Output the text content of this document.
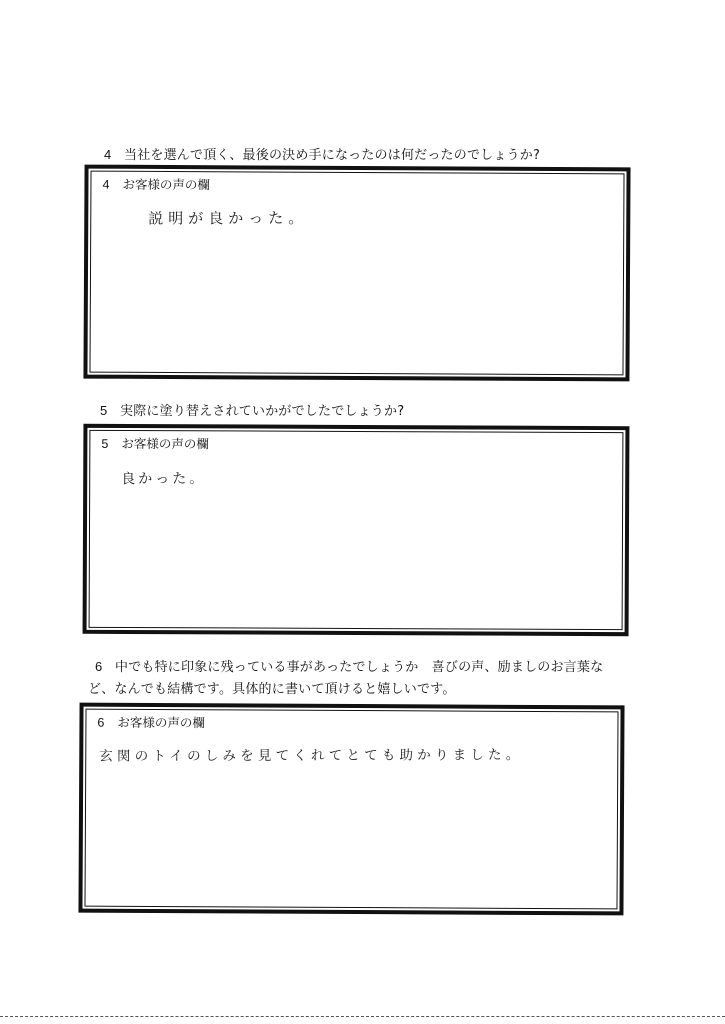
4 当社を選んで頂く、最後の決め手になったのは何だったのでしょうか?
4 お客様の声の欄
説明が良かった。
5 実際に塗り替えされていかがでしたでしょうか?
5 お客様の声の欄
良かった。
6 中でも特に印象に残っている事があったでしょうか　喜びの声、励ましのお言葉な
ど、なんでも結構です。具体的に書いて頂けると嬉しいです。
6 お客様の声の欄
玄関のトイのしみを見てくれてとても助かりました。
